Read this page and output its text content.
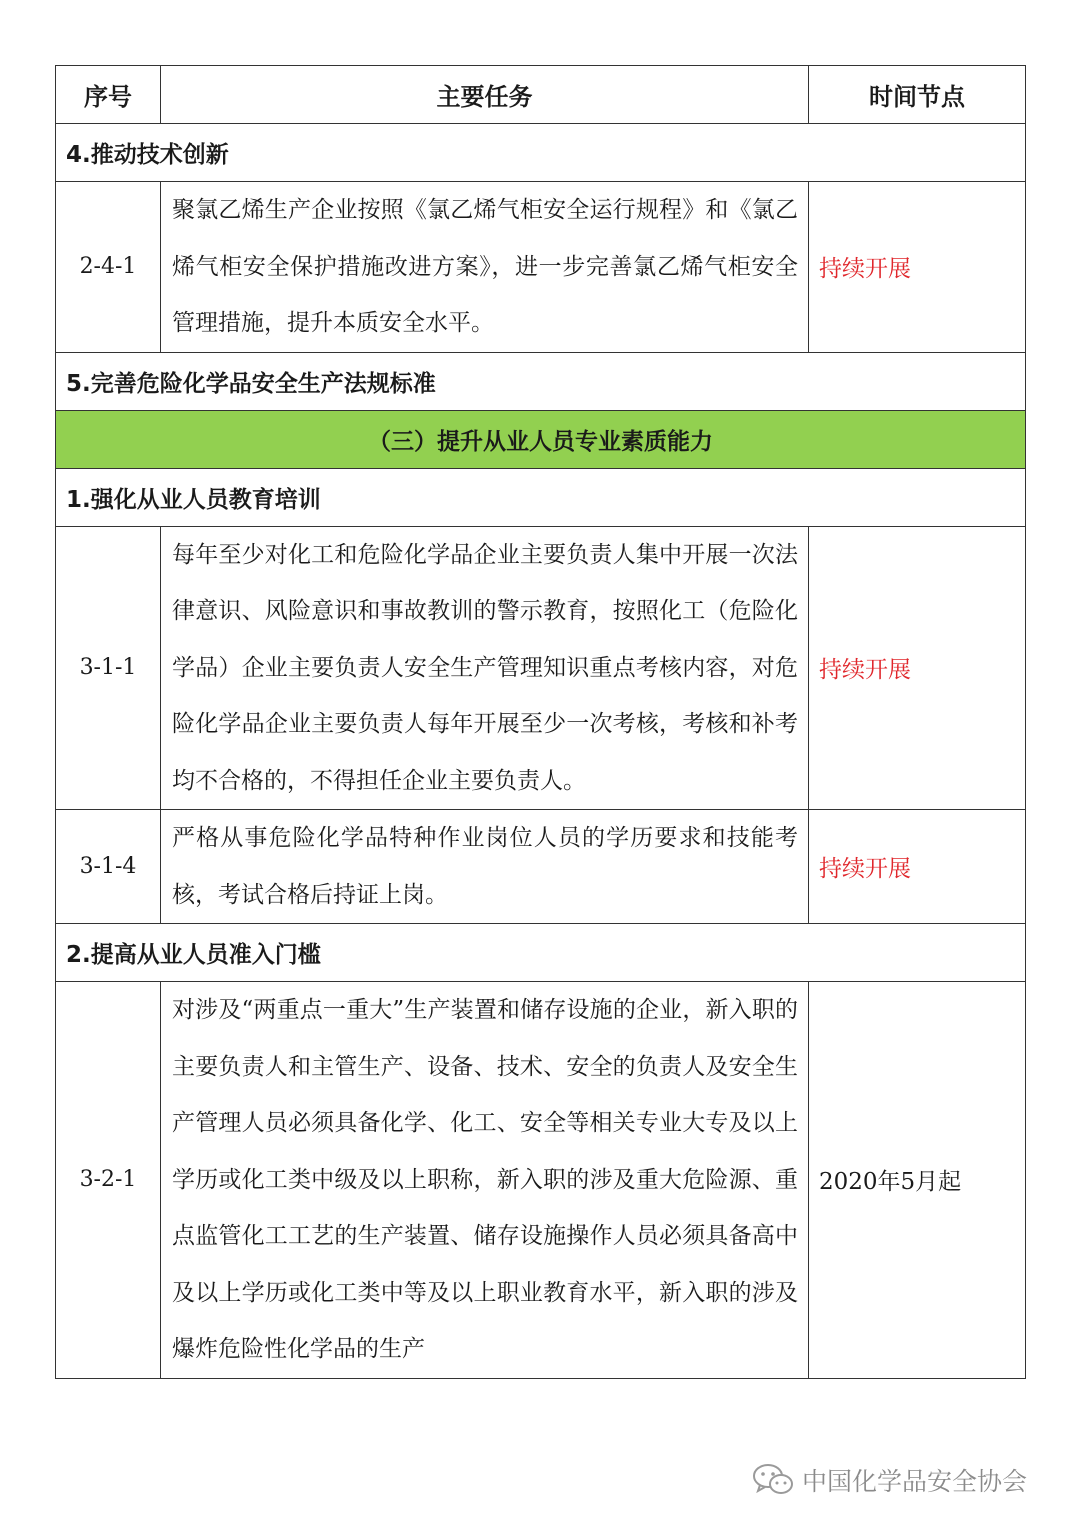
序号	主要任务	时间节点
4.推动技术创新		
2-4-1	聚氯乙烯生产企业按照《氯乙烯气柜安全运行规程》和《氯乙烯气柜安全保护措施改进方案》，进一步完善氯乙烯气柜安全管理措施，提升本质安全水平。	持续开展
5.完善危险化学品安全生产法规标准		
（三）提升从业人员专业素质能力		
1.强化从业人员教育培训		
3-1-1	每年至少对化工和危险化学品企业主要负责人集中开展一次法律意识、风险意识和事故教训的警示教育，按照化工（危险化学品）企业主要负责人安全生产管理知识重点考核内容，对危险化学品企业主要负责人每年开展至少一次考核，考核和补考均不合格的，不得担任企业主要负责人。	持续开展
3-1-4	严格从事危险化学品特种作业岗位人员的学历要求和技能考核，考试合格后持证上岗。	持续开展
2.提高从业人员准入门槛		
3-2-1	对涉及“两重点一重大”生产装置和储存设施的企业，新入职的主要负责人和主管生产、设备、技术、安全的负责人及安全生产管理人员必须具备化学、化工、安全等相关专业大专及以上学历或化工类中级及以上职称，新入职的涉及重大危险源、重点监管化工工艺的生产装置、储存设施操作人员必须具备高中及以上学历或化工类中等及以上职业教育水平，新入职的涉及爆炸危险性化学品的生产	2020年5月起
中国化学品安全协会
